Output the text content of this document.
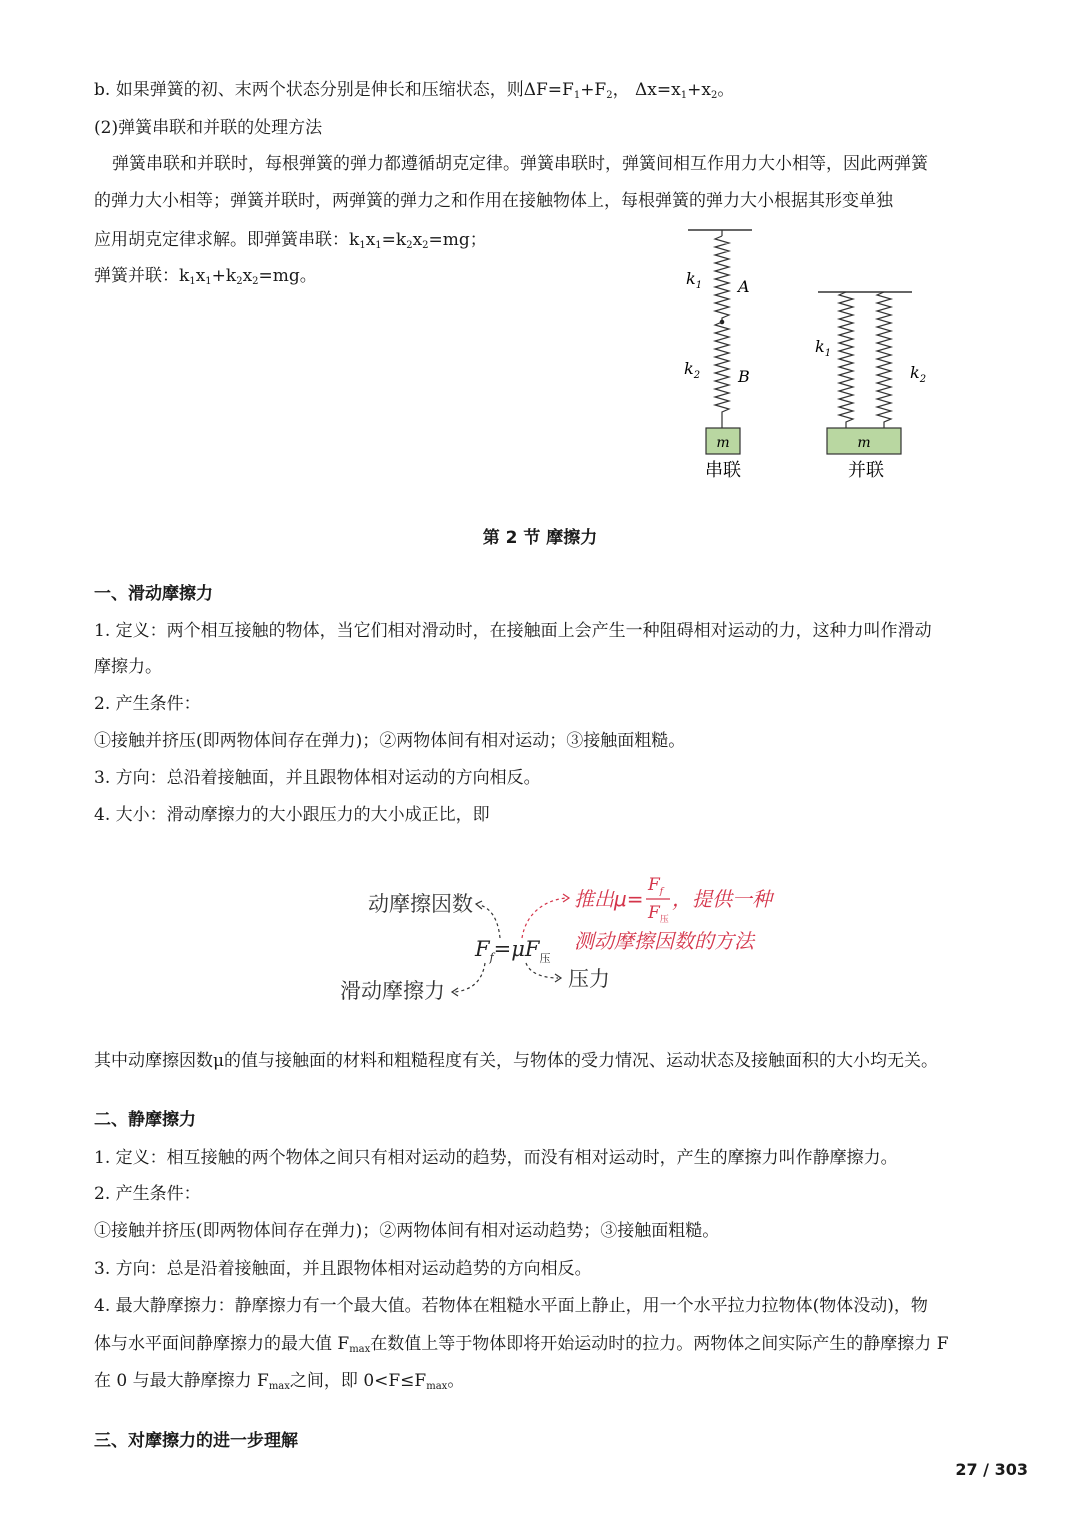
b. 如果弹簧的初、末两个状态分别是伸长和压缩状态，则$\Delta F=F_1+F_2$， $\Delta x=x_1+x_2$。
(2)弹簧串联和并联的处理方法
弹簧串联和并联时，每根弹簧的弹力都遵循胡克定律。弹簧串联时，弹簧间相互作用力大小相等，因此两弹簧
的弹力大小相等；弹簧并联时，两弹簧的弹力之和作用在接触物体上，每根弹簧的弹力大小根据其形变单独
应用胡克定律求解。即弹簧串联：$k_1x_1=k_2x_2=mg$；
弹簧并联：$k_1x_1+k_2x_2=mg$。
m
$k_1$ A
$k_2$ B
串联
m
$k_1$
$k_2$
并联
第 2 节 摩擦力
一、滑动摩擦力
1. 定义：两个相互接触的物体，当它们相对滑动时，在接触面上会产生一种阻碍相对运动的力，这种力叫作滑动
摩擦力。
2. 产生条件：
①接触并挤压(即两物体间存在弹力)；②两物体间有相对运动；③接触面粗糙。
3. 方向：总沿着接触面，并且跟物体相对运动的方向相反。
4. 大小：滑动摩擦力的大小跟压力的大小成正比，即
动摩擦因数
滑动摩擦力	压力
$F_f=\mu F_压$
推出μ=
$F_f$
$F_压$
，提供一种
测动摩擦因数的方法
其中动摩擦因数μ的值与接触面的材料和粗糙程度有关，与物体的受力情况、运动状态及接触面积的大小均无关。
二、静摩擦力
1. 定义：相互接触的两个物体之间只有相对运动的趋势，而没有相对运动时，产生的摩擦力叫作静摩擦力。
2. 产生条件：
①接触并挤压(即两物体间存在弹力)；②两物体间有相对运动趋势；③接触面粗糙。
3. 方向：总是沿着接触面，并且跟物体相对运动趋势的方向相反。
4. 最大静摩擦力：静摩擦力有一个最大值。若物体在粗糙水平面上静止，用一个水平拉力拉物体(物体没动)，物
体与水平面间静摩擦力的最大值 $F_{max}$在数值上等于物体即将开始运动时的拉力。两物体之间实际产生的静摩擦力 F
在 0 与最大静摩擦力 $F_{max}$之间，即 $0<F\le F_{max}$。
三、对摩擦力的进一步理解
27 / 303
